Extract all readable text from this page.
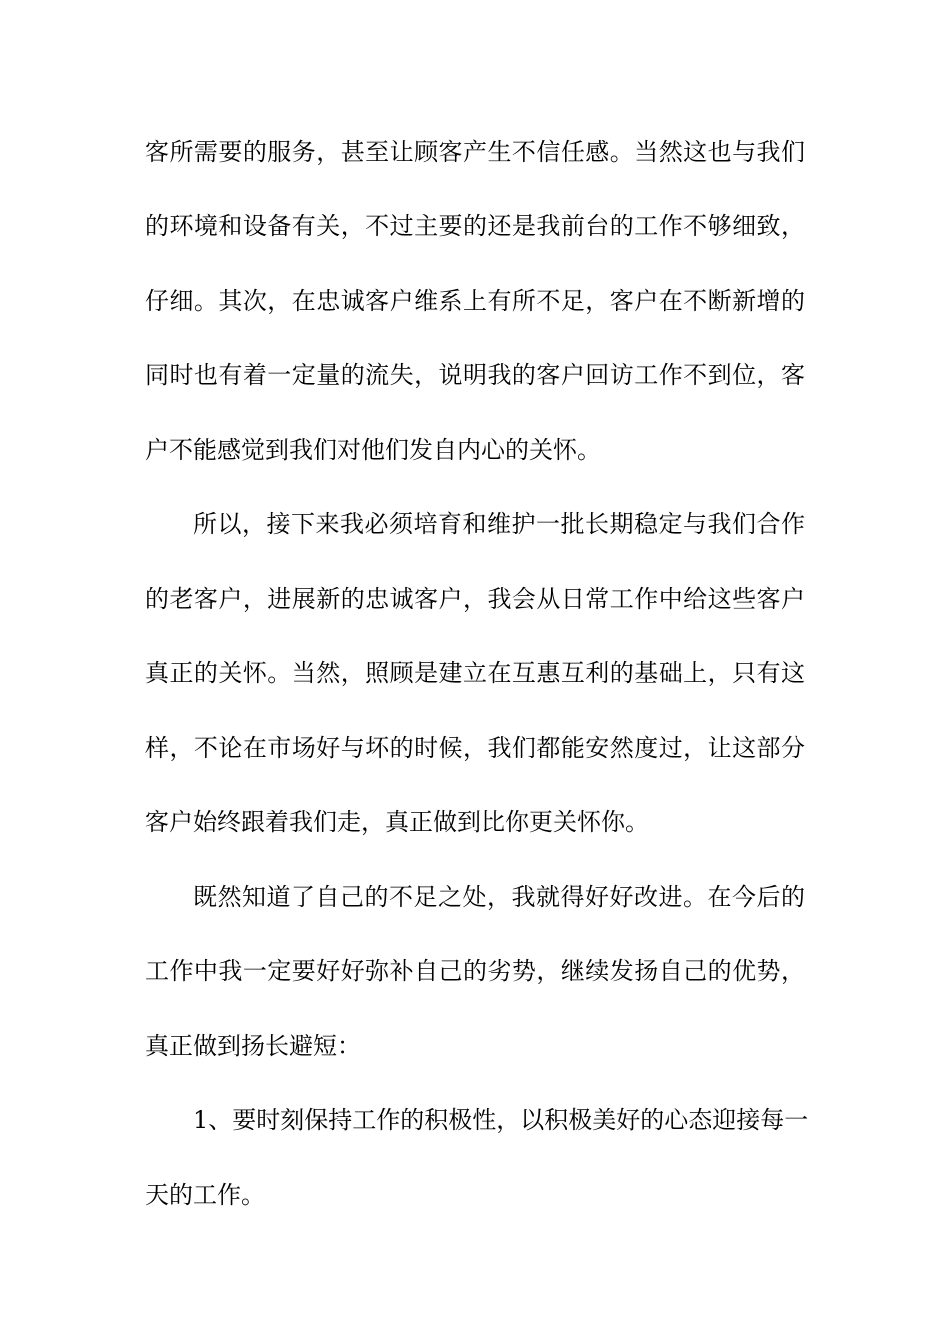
客所需要的服务，甚至让顾客产生不信任感。当然这也与我们
的环境和设备有关，不过主要的还是我前台的工作不够细致，
仔细。其次，在忠诚客户维系上有所不足，客户在不断新增的
同时也有着一定量的流失，说明我的客户回访工作不到位，客
户不能感觉到我们对他们发自内心的关怀。
所以，接下来我必须培育和维护一批长期稳定与我们合作
的老客户，进展新的忠诚客户，我会从日常工作中给这些客户
真正的关怀。当然，照顾是建立在互惠互利的基础上，只有这
样，不论在市场好与坏的时候，我们都能安然度过，让这部分
客户始终跟着我们走，真正做到比你更关怀你。
既然知道了自己的不足之处，我就得好好改进。在今后的
工作中我一定要好好弥补自己的劣势，继续发扬自己的优势，
真正做到扬长避短：
1、要时刻保持工作的积极性，以积极美好的心态迎接每一
天的工作。
